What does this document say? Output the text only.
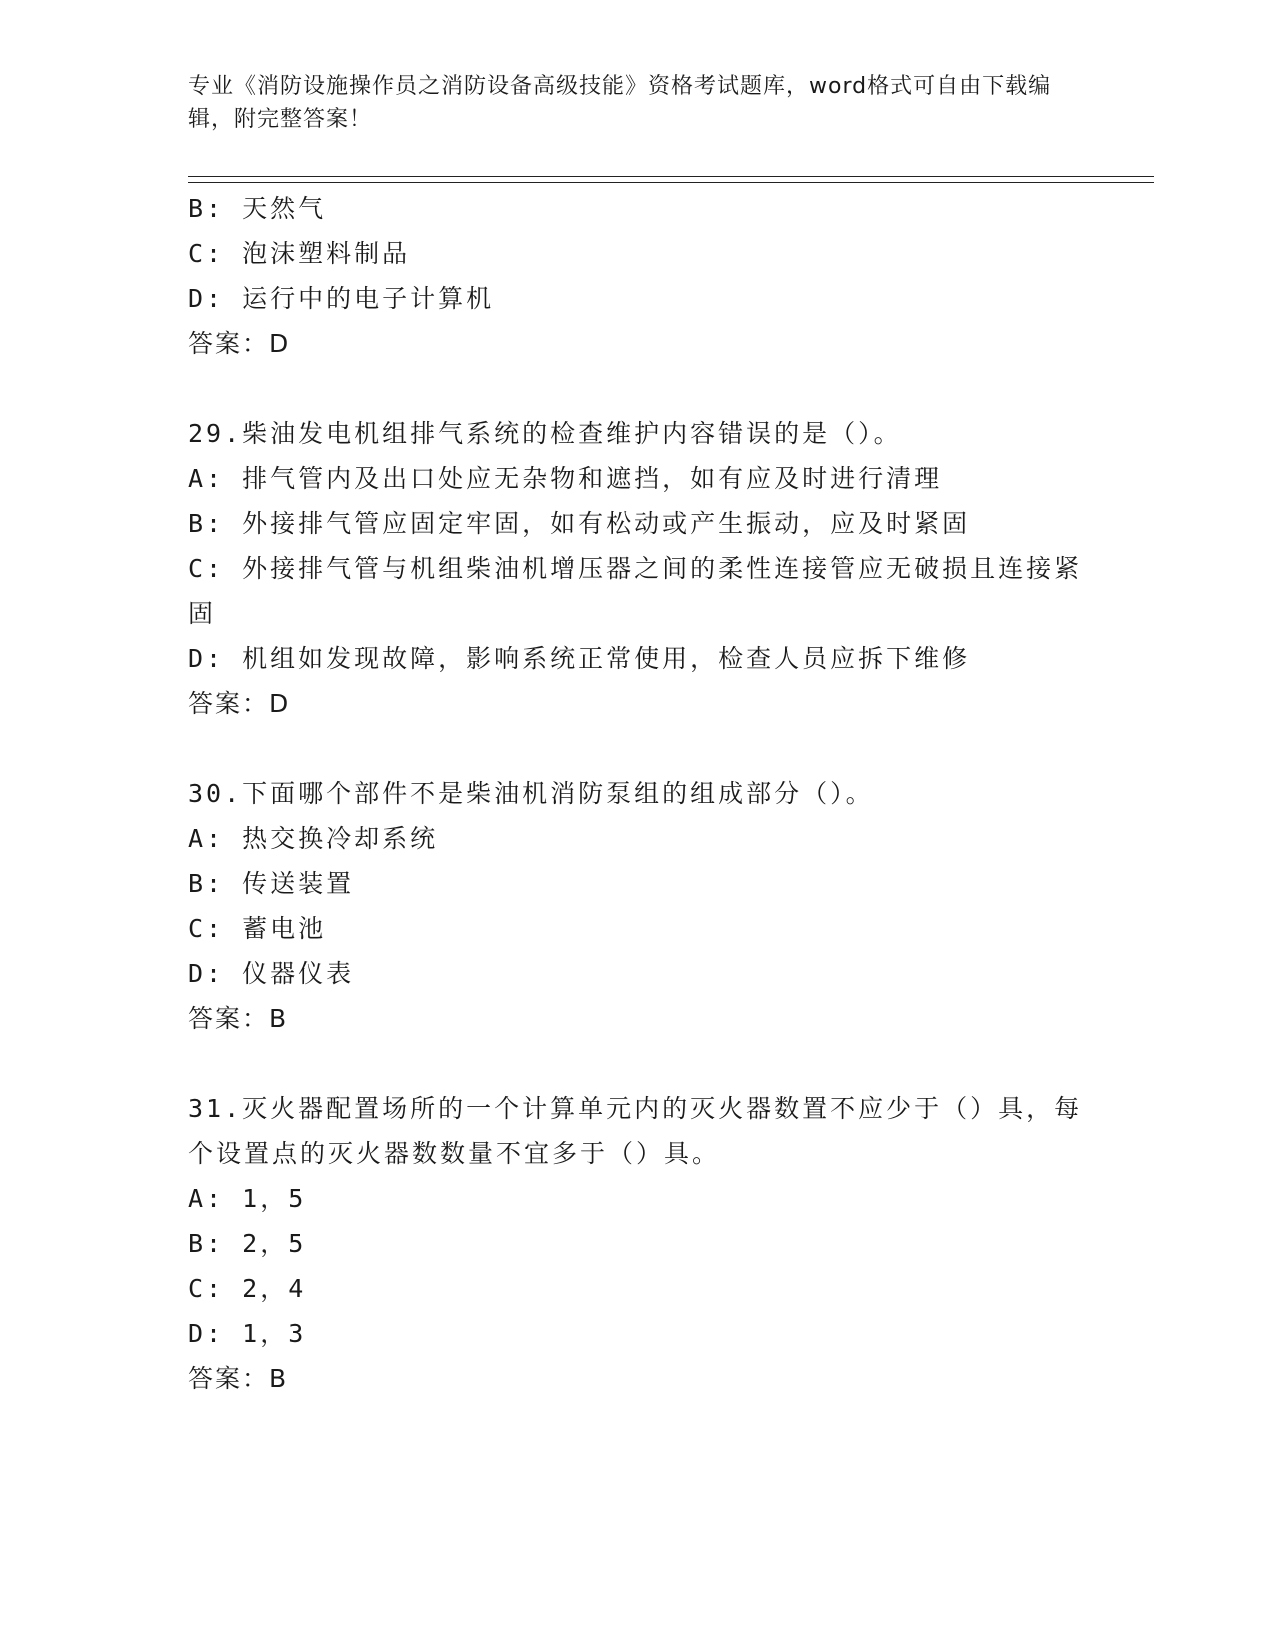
专业《消防设施操作员之消防设备高级技能》资格考试题库，word格式可自由下载编辑，附完整答案！

B: 天然气

C: 泡沫塑料制品

D: 运行中的电子计算机

答案：D

29.柴油发电机组排气系统的检查维护内容错误的是（）。

A: 排气管内及出口处应无杂物和遮挡，如有应及时进行清理

B: 外接排气管应固定牢固，如有松动或产生振动，应及时紧固

C: 外接排气管与机组柴油机增压器之间的柔性连接管应无破损且连接紧固

D: 机组如发现故障，影响系统正常使用，检查人员应拆下维修

答案：D

30.下面哪个部件不是柴油机消防泵组的组成部分（）。

A: 热交换冷却系统

B: 传送装置

C: 蓄电池

D: 仪器仪表

答案：B

31.灭火器配置场所的一个计算单元内的灭火器数置不应少于（）具，每个设置点的灭火器数数量不宜多于（）具。

A: 1，5

B: 2，5

C: 2，4

D: 1，3

答案：B
